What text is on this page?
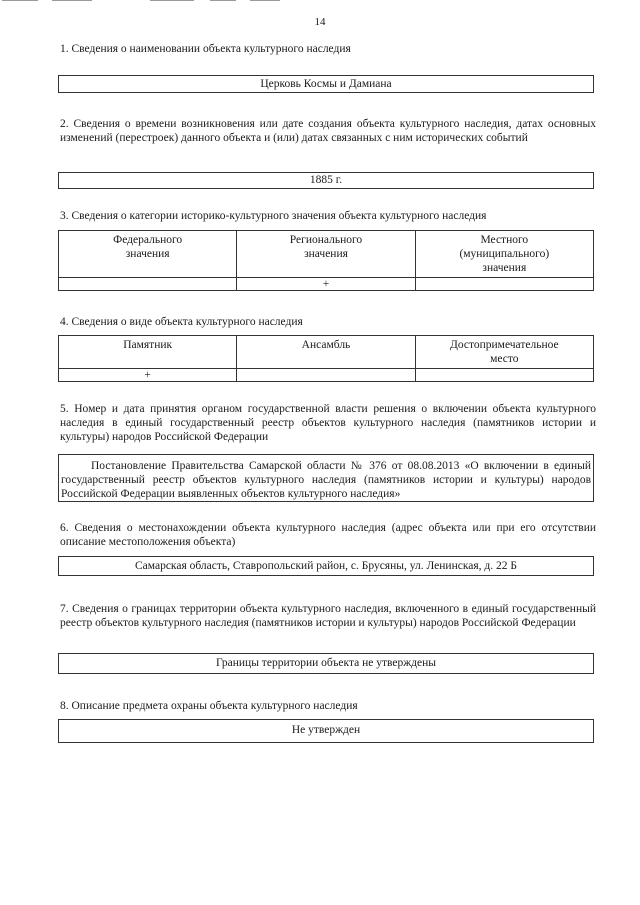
14
1. Сведения о наименовании объекта культурного наследия
Церковь Космы и Дамиана
2. Сведения о времени возникновения или дате создания объекта культурного наследия, датах основных изменений (перестроек) данного объекта и (или) датах связанных с ним исторических событий
1885 г.
3. Сведения о категории историко-культурного значения объекта культурного наследия
Федерального значения	Регионального значения	Местного (муниципального) значения
	+	
4. Сведения о виде объекта культурного наследия
Памятник	Ансамбль	Достопримечательное место
+		
5. Номер и дата принятия органом государственной власти решения о включении объекта культурного наследия в единый государственный реестр объектов культурного наследия (памятников истории и культуры) народов Российской Федерации
Постановление Правительства Самарской области № 376 от 08.08.2013 «О включении в единый государственный реестр объектов культурного наследия (памятников истории и культуры) народов Российской Федерации выявленных объектов культурного наследия»
6. Сведения о местонахождении объекта культурного наследия (адрес объекта или при его отсутствии описание местоположения объекта)
Самарская область, Ставропольский район, с. Брусяны, ул. Ленинская, д. 22 Б
7. Сведения о границах территории объекта культурного наследия, включенного в единый государственный реестр объектов культурного наследия (памятников истории и культуры) народов Российской Федерации
Границы территории объекта не утверждены
8. Описание предмета охраны объекта культурного наследия
Не утвержден
